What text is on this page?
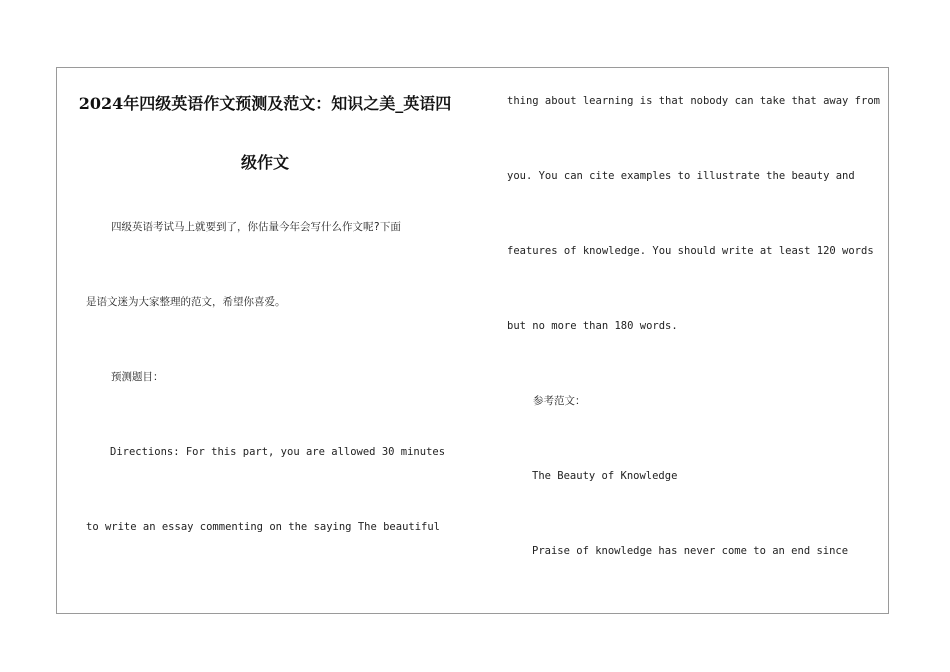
2024年四级英语作文预测及范文：知识之美_英语四
级作文
四级英语考试马上就要到了，你估量今年会写什么作文呢?下面
是语文迷为大家整理的范文，希望你喜爱。
预测题目：
Directions: For this part, you are allowed 30 minutes
to write an essay commenting on the saying The beautiful
thing about learning is that nobody can take that away from
you. You can cite examples to illustrate the beauty and
features of knowledge. You should write at least 120 words
but no more than 180 words.
参考范文：
The Beauty of Knowledge
Praise of knowledge has never come to an end since
